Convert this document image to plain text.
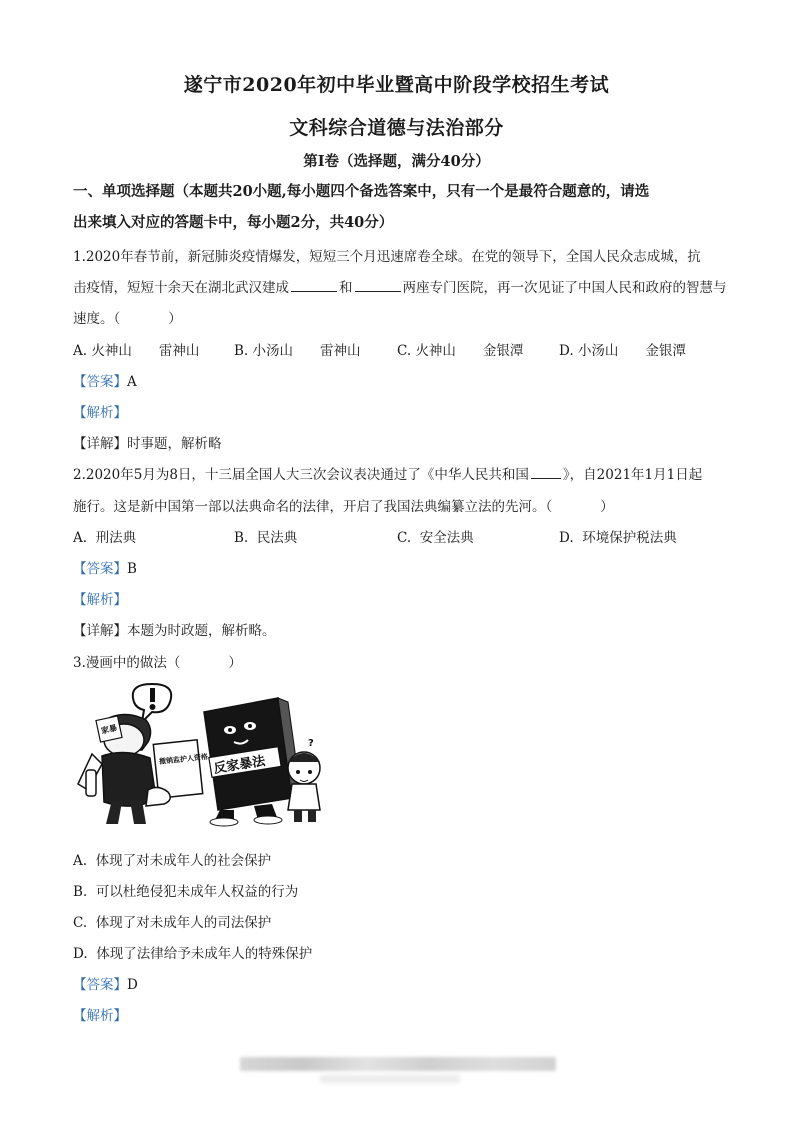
遂宁市2020年初中毕业暨高中阶段学校招生考试
文科综合道德与法治部分
第Ⅰ卷（选择题，满分40分）
一、单项选择题（本题共20小题,每小题四个备选答案中，只有一个是最符合题意的，请选
出来填入对应的答题卡中，每小题2分，共40分）
1.2020年春节前，新冠肺炎疫情爆发，短短三个月迅速席卷全球。在党的领导下，全国人民众志成城，抗
击疫情，短短十余天在湖北武汉建成	和	两座专门医院，再一次见证了中国人民和政府的智慧与
速度。（	）
A. 火神山　　雷神山	B. 小汤山　　雷神山	C. 火神山　　金银潭	D. 小汤山　　金银潭
【答案】A
【解析】
【详解】时事题，解析略
2.2020年5月为8日，十三届全国人大三次会议表决通过了《中华人民共和国	》，自2021年1月1日起
施行。这是新中国第一部以法典命名的法律，开启了我国法典编纂立法的先河。（	）
A. 刑法典	B. 民法典	C. 安全法典	D. 环境保护税法典
【答案】B
【解析】
【详解】本题为时政题，解析略。
3.漫画中的做法（	）
家暴
撤销监护人资格 反家暴法
?
A. 体现了对未成年人的社会保护
B. 可以杜绝侵犯未成年人权益的行为
C. 体现了对未成年人的司法保护
D. 体现了法律给予未成年人的特殊保护
【答案】D
【解析】
